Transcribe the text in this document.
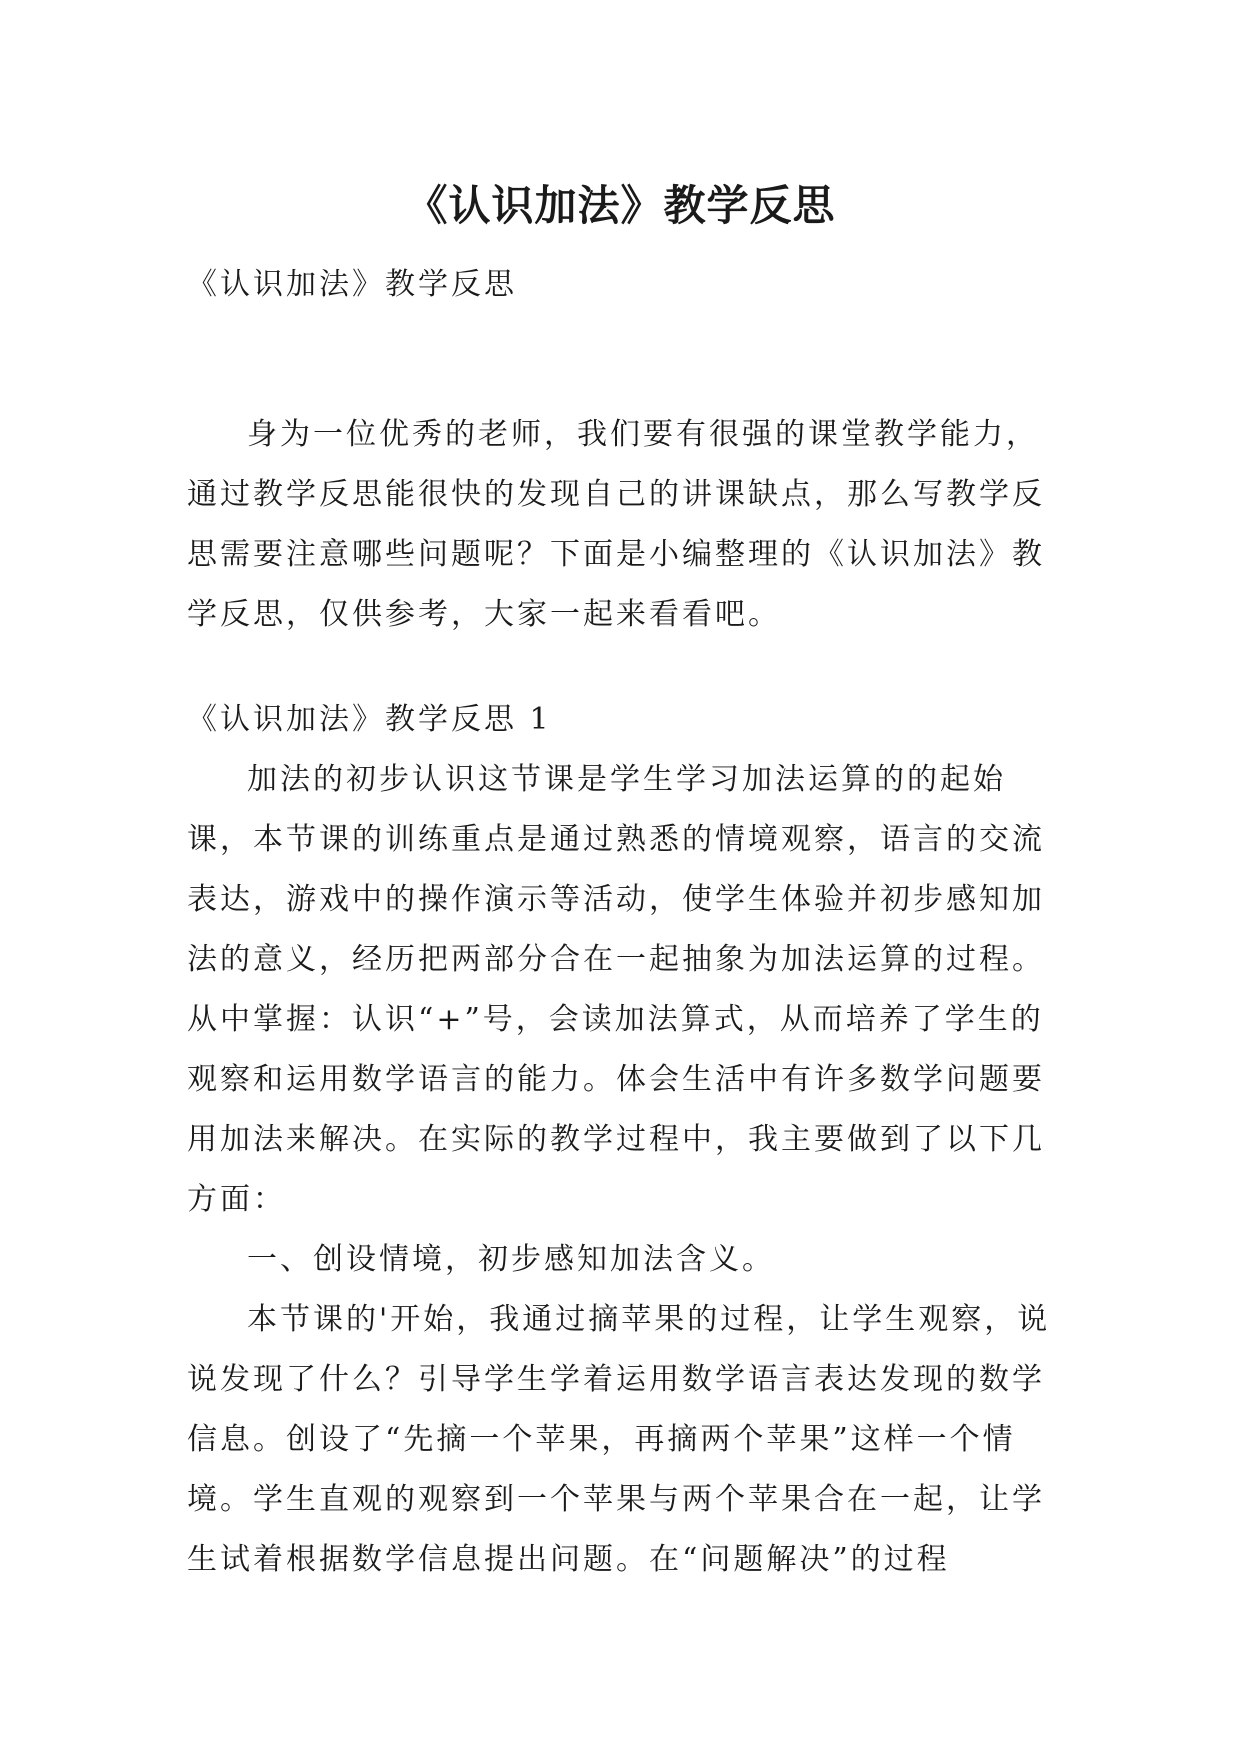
《认识加法》教学反思

《认识加法》教学反思

身为一位优秀的老师，我们要有很强的课堂教学能力，通过教学反思能很快的发现自己的讲课缺点，那么写教学反思需要注意哪些问题呢？下面是小编整理的《认识加法》教学反思，仅供参考，大家一起来看看吧。

《认识加法》教学反思 1

加法的初步认识这节课是学生学习加法运算的的起始课，本节课的训练重点是通过熟悉的情境观察，语言的交流表达，游戏中的操作演示等活动，使学生体验并初步感知加法的意义，经历把两部分合在一起抽象为加法运算的过程。从中掌握：认识“+”号，会读加法算式，从而培养了学生的观察和运用数学语言的能力。体会生活中有许多数学问题要用加法来解决。在实际的教学过程中，我主要做到了以下几方面：

一、创设情境，初步感知加法含义。

本节课的'开始，我通过摘苹果的过程，让学生观察，说说发现了什么？引导学生学着运用数学语言表达发现的数学信息。创设了“先摘一个苹果，再摘两个苹果”这样一个情境。学生直观的观察到一个苹果与两个苹果合在一起，让学生试着根据数学信息提出问题。在“问题解决”的过程
